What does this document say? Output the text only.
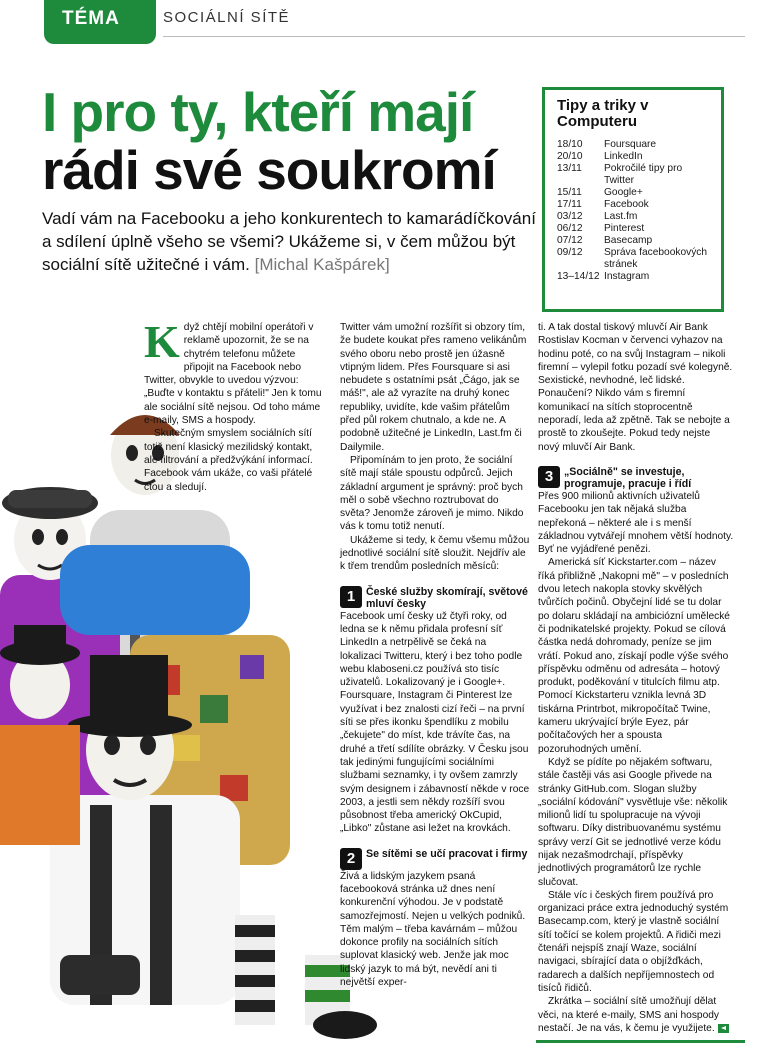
TÉMA	SOCIÁLNÍ SÍTĚ
I pro ty, kteří mají
rádi své soukromí
Vadí vám na Facebooku a jeho konkurentech to kamarádíčkování a sdílení úplně všeho se všemi? Ukážeme si, v čem můžou být sociální sítě užitečné i vám. [Michal Kašpárek]
Tipy a triky v Computeru
18/10 Foursquare
20/10 LinkedIn
13/11 Pokročilé tipy pro Twitter
15/11 Google+
17/11 Facebook
03/12 Last.fm
06/12 Pinterest
07/12 Basecamp
09/12 Správa facebookových stránek
13–14/12 Instagram

Když chtějí mobilní operátoři v reklamě upozornit, že se na chytrém telefonu můžete připojit na Facebook nebo Twitter, obvykle to uvedou výzvou: „Buďte v kontaktu s přáteli!" Jen k tomu ale sociální sítě nejsou. Od toho máme e-maily, SMS a hospody.

Skutečným smyslem sociálních sítí totiž není klasický mezilidský kontakt, ale filtrování a předžvýkání informací. Facebook vám ukáže, co vaši přátelé čtou a sledují.

Twitter vám umožní rozšířit si obzory tím, že budete koukat přes rameno velikánům svého oboru nebo prostě jen úžasně vtipným lidem. Přes Foursquare si asi nebudete s ostatními psát „Čágo, jak se máš!", ale až vyrazíte na druhý konec republiky, uvidíte, kde vašim přátelům před půl rokem chutnalo, a kde ne. A podobně užitečné je LinkedIn, Last.fm či Dailymile.

Připomínám to jen proto, že sociální sítě mají stále spoustu odpůrců. Jejich základní argument je správný: proč bych měl o sobě všechno roztrubovat do světa? Jenomže zároveň je mimo. Nikdo vás k tomu totiž nenutí.

Ukážeme si tedy, k čemu všemu můžou jednotlivé sociální sítě sloužit. Nejdřív ale k třem trendům posledních měsíců:

1	České služby skomírají, světové mluví česky

Facebook umí česky už čtyři roky, od ledna se k němu přidala profesní síť LinkedIn a netrpělivě se čeká na lokalizaci Twitteru, který i bez toho podle webu klaboseni.cz používá sto tisíc uživatelů. Lokalizovaný je i Google+. Foursquare, Instagram či Pinterest lze využívat i bez znalosti cizí řeči – na první síti se přes ikonku špendlíku z mobilu „čekujete" do míst, kde trávíte čas, na druhé a třetí sdílíte obrázky. V Česku jsou tak jedinými fungujícími sociálními službami seznamky, i ty ovšem zamrzly svým designem i zábavností někde v roce 2003, a jestli sem někdy rozšíří svou působnost třeba americký OkCupid, „Libko" zůstane asi ležet na krovkách.

2	Se sítěmi se učí pracovat i firmy

Živá a lidským jazykem psaná facebooková stránka už dnes není konkurenční výhodou. Je v podstatě samozřejmostí. Nejen u velkých podniků. Těm malým – třeba kavárnám – můžou dokonce profily na sociálních sítích suplovat klasický web. Jenže jak moc lidský jazyk to má být, nevědí ani ti největší exper-

ti. A tak dostal tiskový mluvčí Air Bank Rostislav Kocman v červenci vyhazov na hodinu poté, co na svůj Instagram – nikoli firemní – vylepil fotku pozadí své kolegyně. Sexistické, nevhodné, leč lidské. Ponaučení? Nikdo vám s firemní komunikací na sítích stoprocentně neporadí, leda až zpětně. Tak se nebojte a prostě to zkoušejte. Pokud tedy nejste nový mluvčí Air Bank.

3	„Sociálně" se investuje, programuje, pracuje i řídí

Přes 900 milionů aktivních uživatelů Facebooku jen tak nějaká služba nepřekoná – některé ale i s menší základnou vytvářejí mnohem větší hodnoty. Byť ne vyjádřené penězi.

Americká síť Kickstarter.com – název říká přibližně „Nakopni mě" – v posledních dvou letech nakopla stovky skvělých tvůrčích počinů. Obyčejní lidé se tu dolar po dolaru skládají na ambiciózní umělecké či podnikatelské projekty. Pokud se cílová částka nedá dohromady, peníze se jim vrátí. Pokud ano, získají podle výše svého příspěvku odměnu od adresáta – hotový produkt, poděkování v titulcích filmu atp. Pomocí Kickstarteru vznikla levná 3D tiskárna Printrbot, mikropočítač Twine, kameru ukrývající brýle Eyez, pár počítačových her a spousta pozoruhodných umění.

Když se pídíte po nějakém softwaru, stále častěji vás asi Google přivede na stránky GitHub.com. Slogan služby „sociální kódování" vysvětluje vše: několik milionů lidí tu spolupracuje na vývoji softwaru. Díky distribuovanému systému správy verzí Git se jednotlivé verze kódu nijak nezašmodrchají, příspěvky jednotlivých programátorů lze rychle slučovat.

Stále víc i českých firem používá pro organizaci práce extra jednoduchý systém Basecamp.com, který je vlastně sociální sítí točící se kolem projektů. A řidiči mezi čtenáři nejspíš znají Waze, sociální navigaci, sbírající data o objížďkách, radarech a dalších nepříjemnostech od tisíců řidičů.

Zkrátka – sociální sítě umožňují dělat věci, na které e-maily, SMS ani hospody nestačí. Je na vás, k čemu je využijete.
